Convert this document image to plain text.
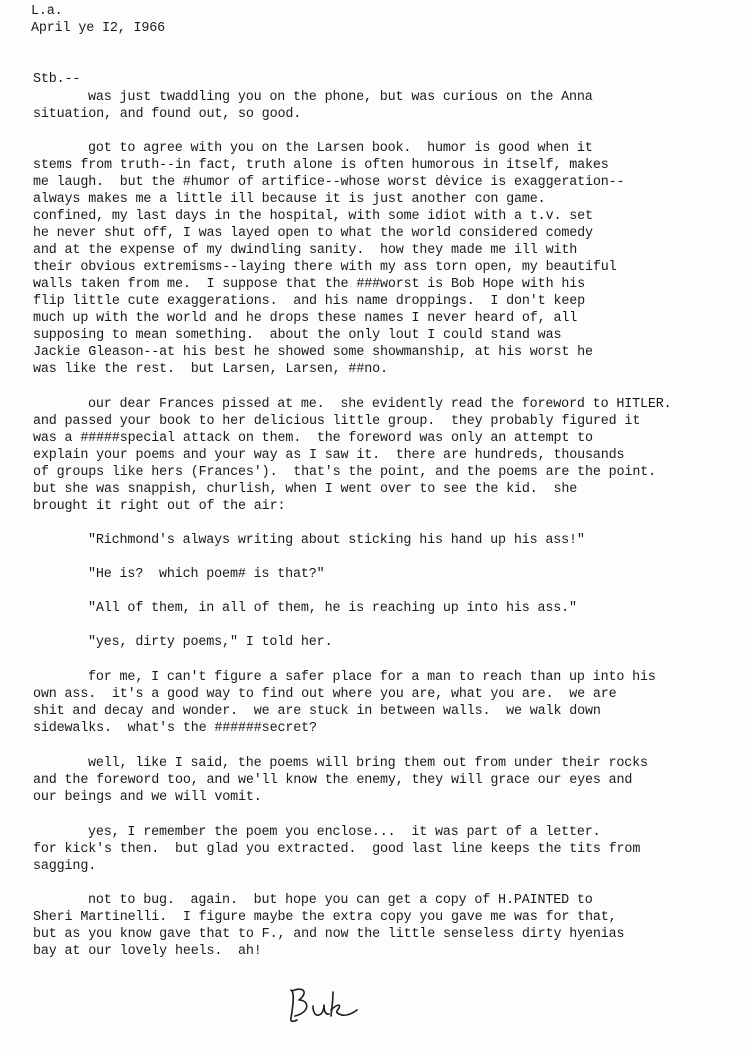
L.a.
April ye I2, I966
Stb.--
was just twaddling you on the phone, but was curious on the Anna
situation, and found out, so good.
got to agree with you on the Larsen book.  humor is good when it
stems from truth--in fact, truth alone is often humorous in itself, makes
me laugh.  but the #humor of artifice--whose worst dėvice is exaggeration--
always makes me a little ill because it is just another con game.
confined, my last days in the hospital, with some idiot with a t.v. set
he never shut off, I was layed open to what the world considered comedy
and at the expense of my dwindling sanity.  how they made me ill with
their obvious extremisms--laying there with my ass torn open, my beautiful
walls taken from me.  I suppose that the ###worst is Bob Hope with his
flip little cute exaggerations.  and his name droppings.  I don't keep
much up with the world and he drops these names I never heard of, all
supposing to mean something.  about the only lout I could stand was
Jackie Gleason--at his best he showed some showmanship, at his worst he
was like the rest.  but Larsen, Larsen, ##no.
our dear Frances pissed at me.  she evidently read the foreword to HITLER.
and passed your book to her delicious little group.  they probably figured it
was a #####special attack on them.  the foreword was only an attempt to
explain your poems and your way as I saw it.  there are hundreds, thousands
of groups like hers (Frances').  that's the point, and the poems are the point.
but she was snappish, churlish, when I went over to see the kid.  she
brought it right out of the air:
"Richmond's always writing about sticking his hand up his ass!"
"He is?  which poem# is that?"
"All of them, in all of them, he is reaching up into his ass."
"yes, dirty poems," I told her.
for me, I can't figure a safer place for a man to reach than up into his
own ass.  it's a good way to find out where you are, what you are.  we are
shit and decay and wonder.  we are stuck in between walls.  we walk down
sidewalks.  what's the ######secret?
well, like I said, the poems will bring them out from under their rocks
and the foreword too, and we'll know the enemy, they will grace our eyes and
our beings and we will vomit.
yes, I remember the poem you enclose...  it was part of a letter.
for kick's then.  but glad you extracted.  good last line keeps the tits from
sagging.
not to bug.  again.  but hope you can get a copy of H.PAINTED to
Sheri Martinelli.  I figure maybe the extra copy you gave me was for that,
but as you know gave that to F., and now the little senseless dirty hyenias
bay at our lovely heels.  ah!
